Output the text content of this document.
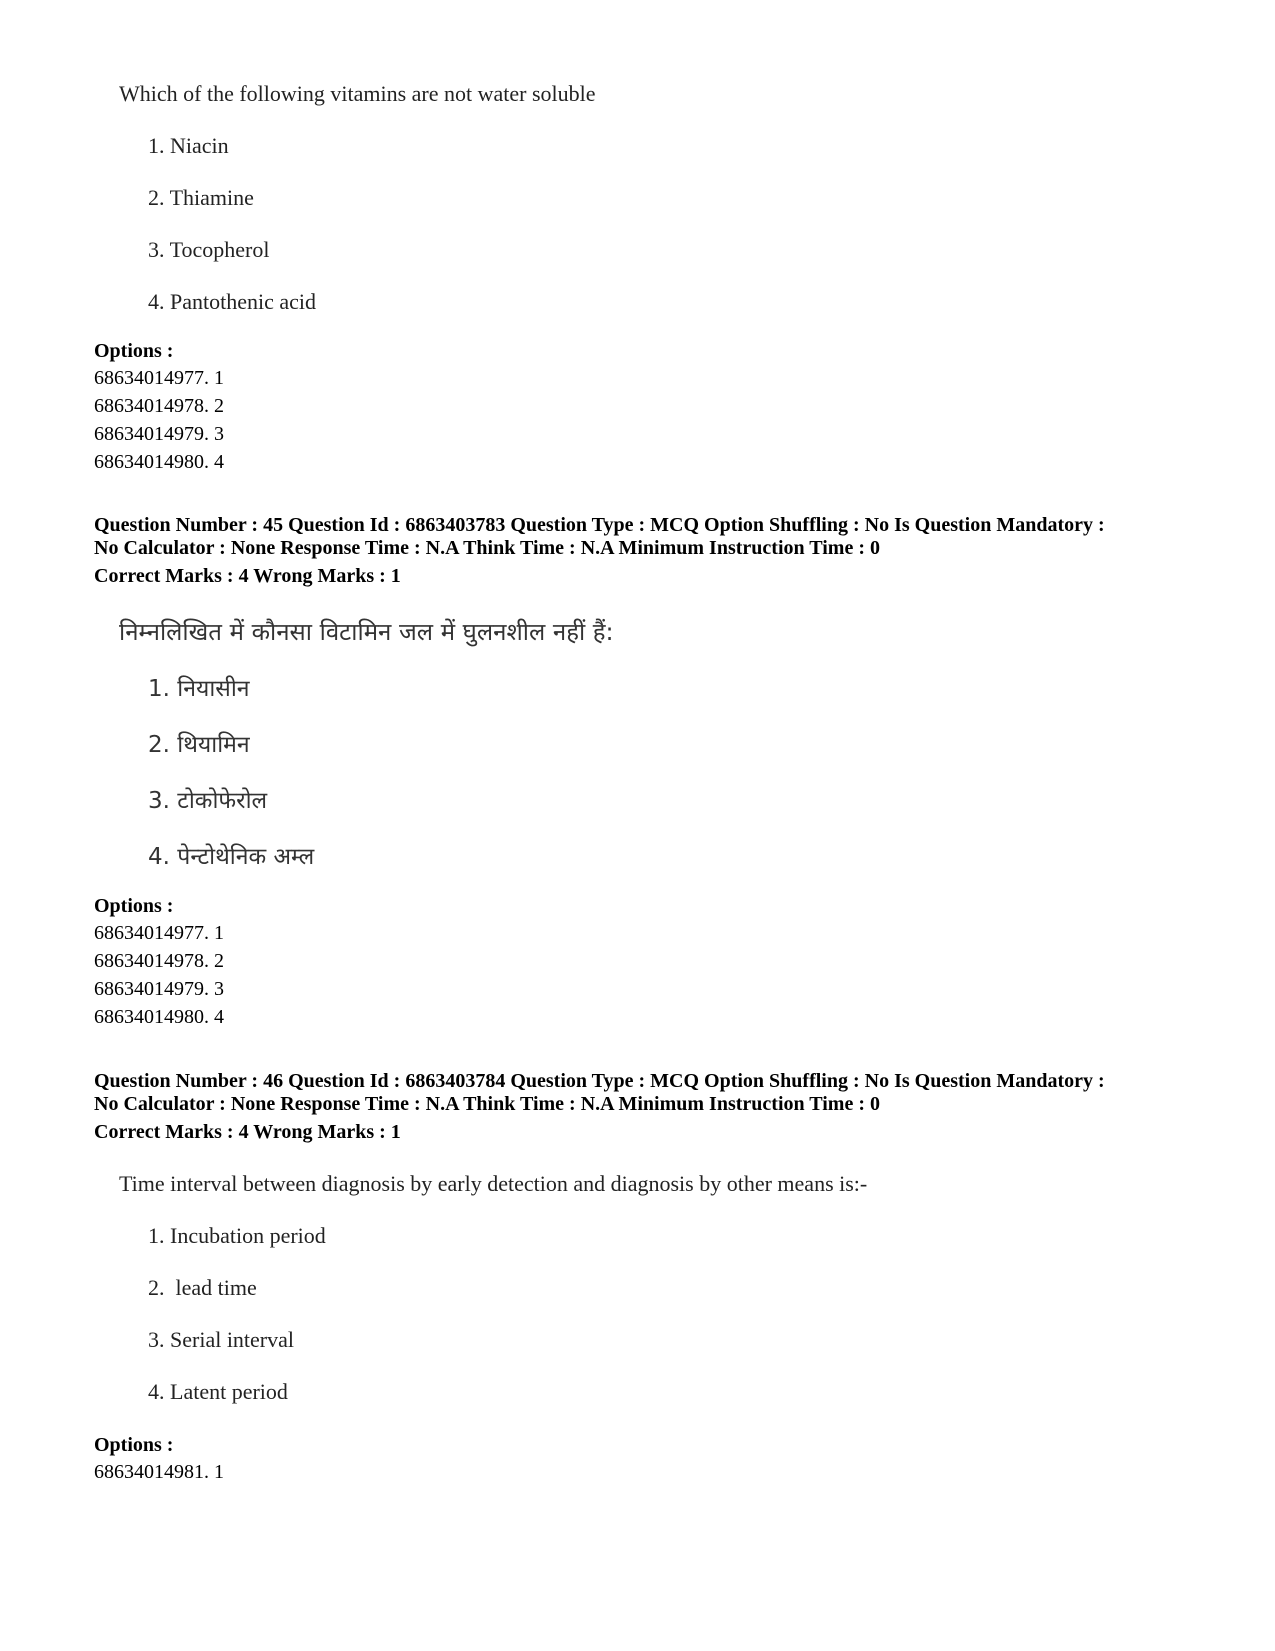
Which of the following vitamins are not water soluble

1. Niacin
2. Thiamine
3. Tocopherol
4. Pantothenic acid
Options :
68634014977. 1
68634014978. 2
68634014979. 3
68634014980. 4
Question Number : 45 Question Id : 6863403783 Question Type : MCQ Option Shuffling : No Is Question Mandatory :
No Calculator : None Response Time : N.A Think Time : N.A Minimum Instruction Time : 0
Correct Marks : 4 Wrong Marks : 1

निम्नलिखित में कौनसा विटामिन जल में घुलनशील नहीं हैं:

1. नियासीन
2. थियामिन
3. टोकोफेरोल
4. पेन्टोथेनिक अम्ल
Options :
68634014977. 1
68634014978. 2
68634014979. 3
68634014980. 4
Question Number : 46 Question Id : 6863403784 Question Type : MCQ Option Shuffling : No Is Question Mandatory :
No Calculator : None Response Time : N.A Think Time : N.A Minimum Instruction Time : 0
Correct Marks : 4 Wrong Marks : 1

Time interval between diagnosis by early detection and diagnosis by other means is:-

1. Incubation period
2.  lead time
3. Serial interval
4. Latent period
Options :
68634014981. 1
